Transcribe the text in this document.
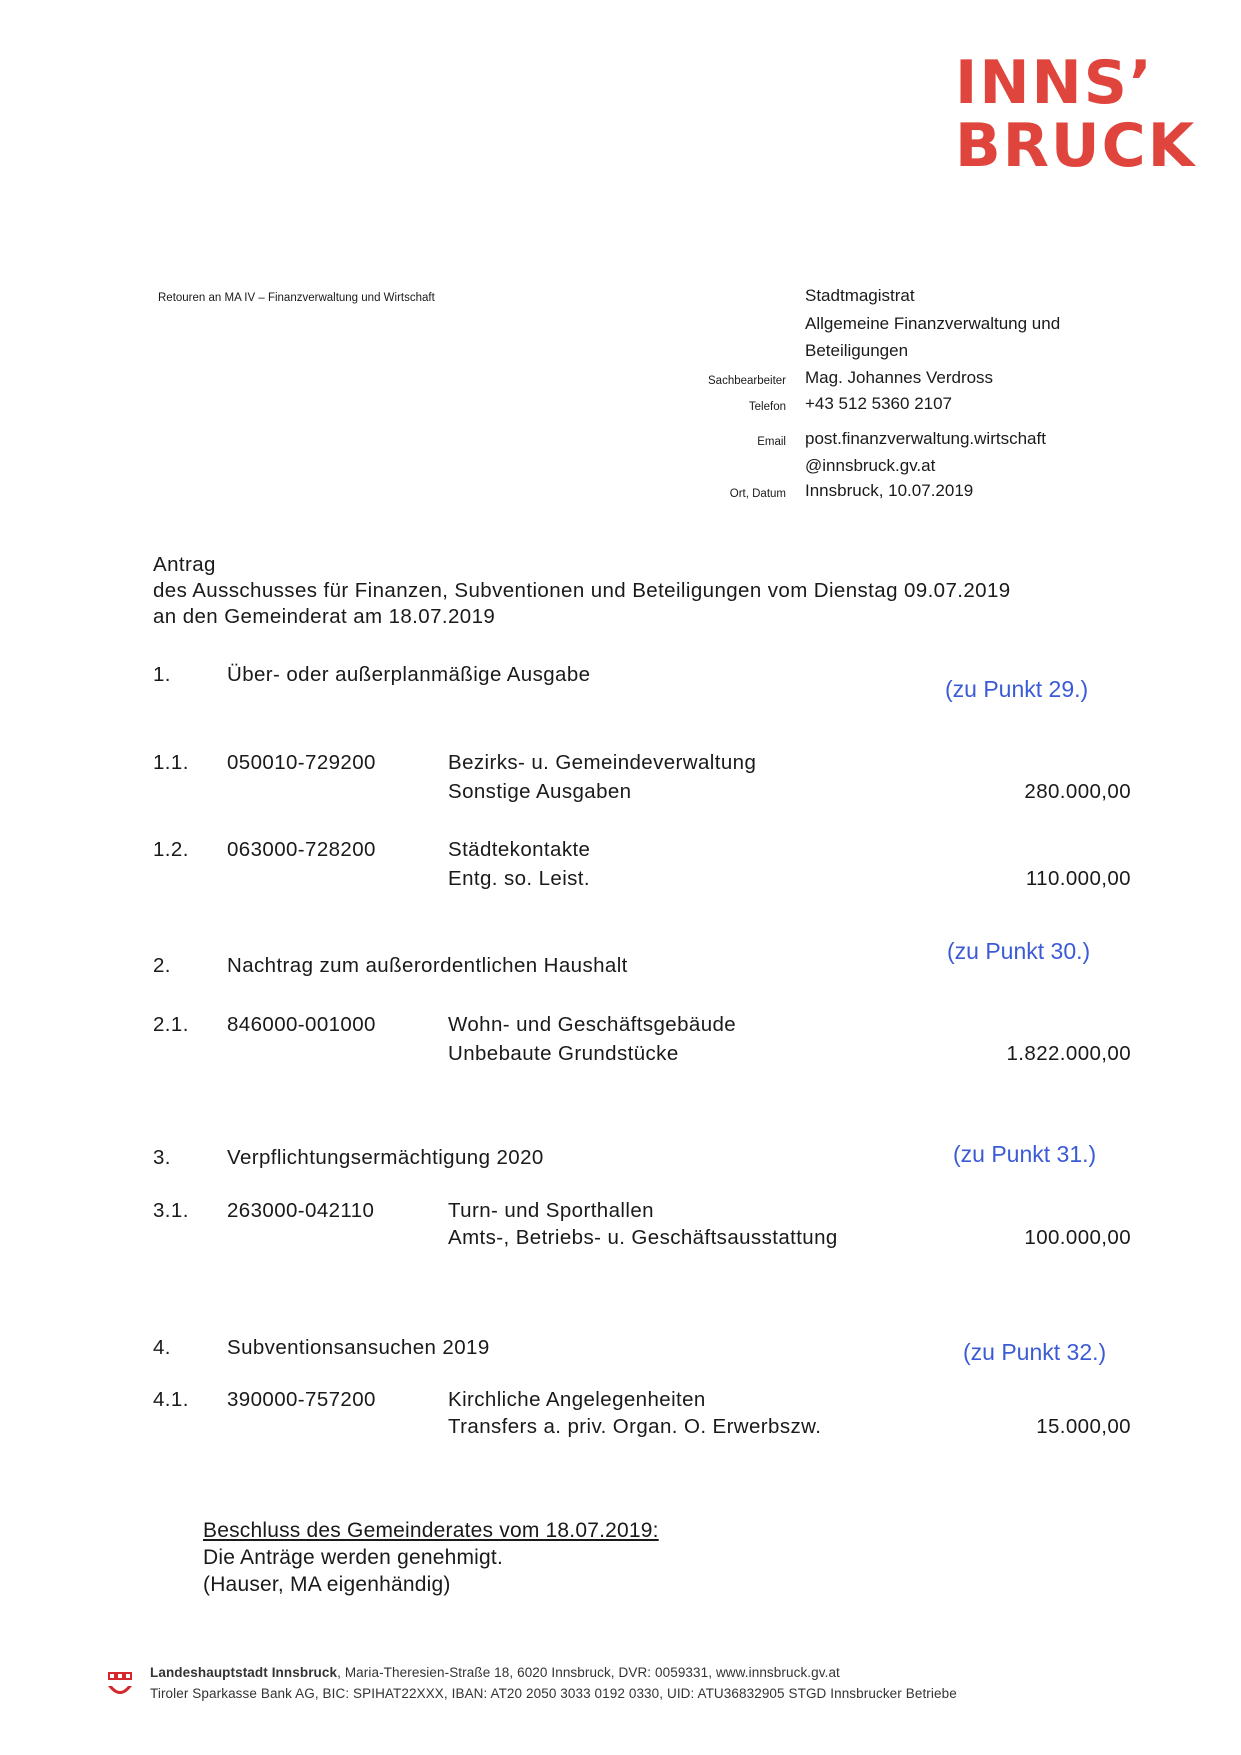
INNS’
BRUCK
Retouren an MA IV – Finanzverwaltung und Wirtschaft	Stadtmagistrat
Allgemeine Finanzverwaltung und
Beteiligungen
Sachbearbeiter Mag. Johannes Verdross
Telefon +43 512 5360 2107
Email post.finanzverwaltung.wirtschaft
@innsbruck.gv.at
Ort, Datum Innsbruck, 10.07.2019
Antrag
des Ausschusses für Finanzen, Subventionen und Beteiligungen vom Dienstag 09.07.2019
an den Gemeinderat am 18.07.2019
1.	Über- oder außerplanmäßige Ausgabe
(zu Punkt 29.)
1.1. 050010-729200	Bezirks- u. Gemeindeverwaltung
Sonstige Ausgaben	280.000,00
1.2. 063000-728200	Städtekontakte
Entg. so. Leist.	110.000,00
(zu Punkt 30.)
2.	Nachtrag zum außerordentlichen Haushalt
2.1. 846000-001000	Wohn- und Geschäftsgebäude
Unbebaute Grundstücke	1.822.000,00
(zu Punkt 31.)
3.	Verpflichtungsermächtigung 2020
3.1. 263000-042110	Turn- und Sporthallen
Amts-, Betriebs- u. Geschäftsausstattung	100.000,00
4.	Subventionsansuchen 2019	(zu Punkt 32.)
4.1. 390000-757200	Kirchliche Angelegenheiten
Transfers a. priv. Organ. O. Erwerbszw.	15.000,00
Beschluss des Gemeinderates vom 18.07.2019:
Die Anträge werden genehmigt.
(Hauser, MA eigenhändig)
Landeshauptstadt Innsbruck, Maria-Theresien-Straße 18, 6020 Innsbruck, DVR: 0059331, www.innsbruck.gv.at
Tiroler Sparkasse Bank AG, BIC: SPIHAT22XXX, IBAN: AT20 2050 3033 0192 0330, UID: ATU36832905 STGD Innsbrucker Betriebe
